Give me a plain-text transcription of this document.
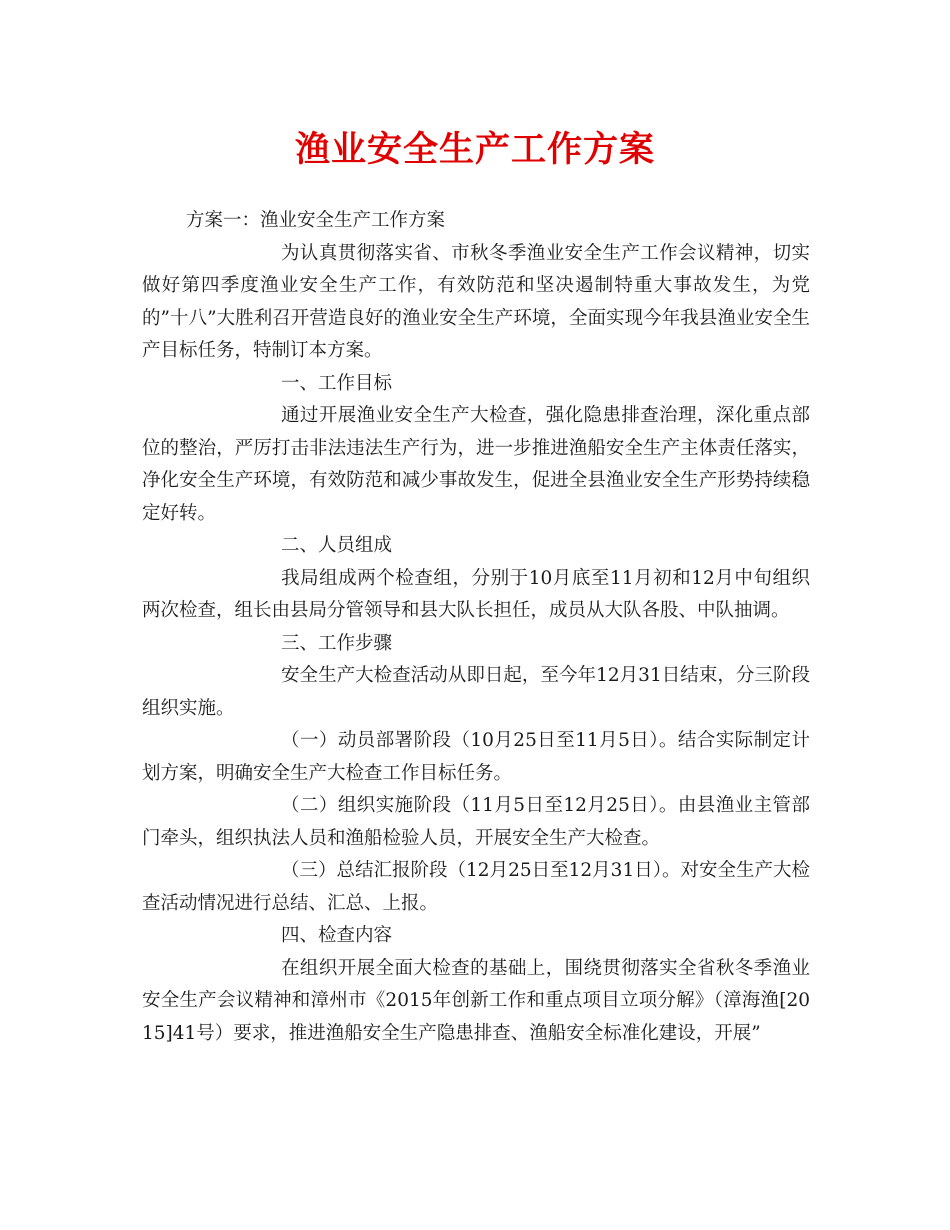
渔业安全生产工作方案

方案一：渔业安全生产工作方案

为认真贯彻落实省、市秋冬季渔业安全生产工作会议精神，切实做好第四季度渔业安全生产工作，有效防范和坚决遏制特重大事故发生，为党的”十八”大胜利召开营造良好的渔业安全生产环境，全面实现今年我县渔业安全生产目标任务，特制订本方案。

一、工作目标

通过开展渔业安全生产大检查，强化隐患排查治理，深化重点部位的整治，严厉打击非法违法生产行为，进一步推进渔船安全生产主体责任落实，净化安全生产环境，有效防范和减少事故发生，促进全县渔业安全生产形势持续稳定好转。

二、人员组成

我局组成两个检查组，分别于10月底至11月初和12月中旬组织两次检查，组长由县局分管领导和县大队长担任，成员从大队各股、中队抽调。

三、工作步骤

安全生产大检查活动从即日起，至今年12月31日结束，分三阶段组织实施。

（一）动员部署阶段（10月25日至11月5日）。结合实际制定计划方案，明确安全生产大检查工作目标任务。

（二）组织实施阶段（11月5日至12月25日）。由县渔业主管部门牵头，组织执法人员和渔船检验人员，开展安全生产大检查。

（三）总结汇报阶段（12月25日至12月31日）。对安全生产大检查活动情况进行总结、汇总、上报。

四、检查内容

在组织开展全面大检查的基础上，围绕贯彻落实全省秋冬季渔业安全生产会议精神和漳州市《2015年创新工作和重点项目立项分解》（漳海渔[2015]41号）要求，推进渔船安全生产隐患排查、渔船安全标准化建设，开展”
